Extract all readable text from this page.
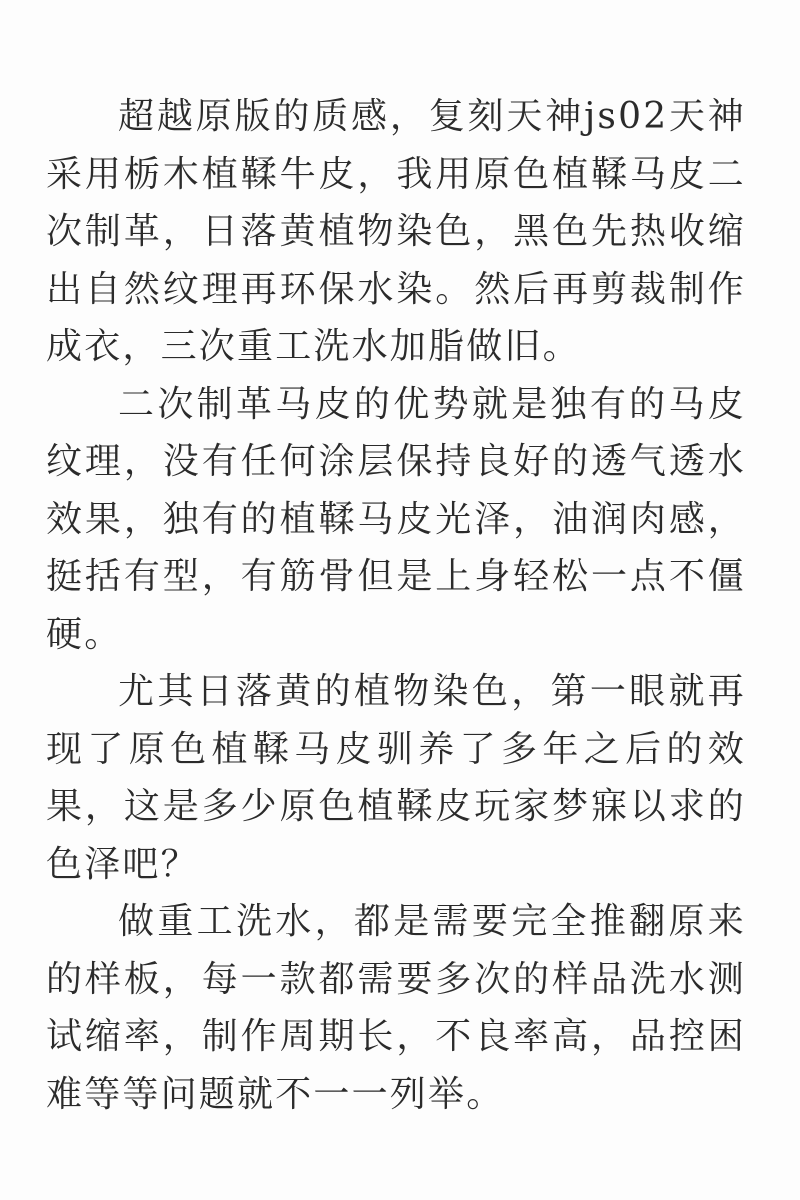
超越原版的质感，复刻天神js02天神采用栃木植鞣牛皮，我用原色植鞣马皮二次制革，日落黄植物染色，黑色先热收缩出自然纹理再环保水染。然后再剪裁制作成衣，三次重工洗水加脂做旧。

二次制革马皮的优势就是独有的马皮纹理，没有任何涂层保持良好的透气透水效果，独有的植鞣马皮光泽，油润肉感，挺括有型，有筋骨但是上身轻松一点不僵硬。

尤其日落黄的植物染色，第一眼就再现了原色植鞣马皮驯养了多年之后的效果，这是多少原色植鞣皮玩家梦寐以求的色泽吧？

做重工洗水，都是需要完全推翻原来的样板，每一款都需要多次的样品洗水测试缩率，制作周期长，不良率高，品控困难等等问题就不一一列举。
